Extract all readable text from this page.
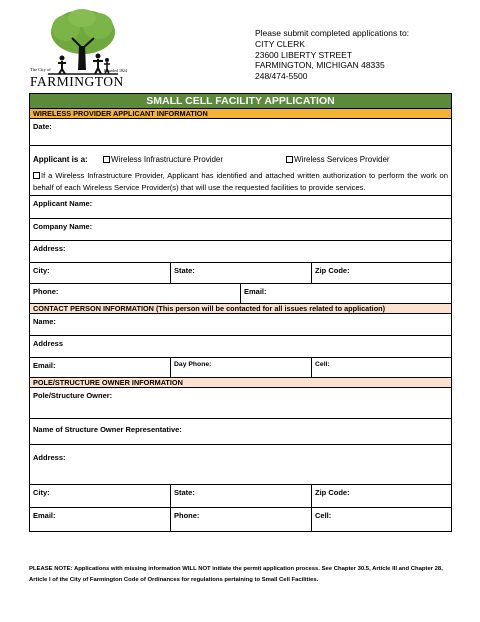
The City of	Founded 1824
FARMINGTON
Please submit completed applications to:
CITY CLERK
23600 LIBERTY STREET
FARMINGTON, MICHIGAN 48335
248/474-5500
SMALL CELL FACILITY APPLICATION
WIRELESS PROVIDER APPLICANT INFORMATION
Date:
Applicant is a:	Wireless Infrastructure Provider	Wireless Services Provider
If a Wireless Infrastructure Provider, Applicant has identified and attached written authorization to perform the work on behalf of each Wireless Service Provider(s) that will use the requested facilities to provide services.
Applicant Name:
Company Name:
Address:
City:	State:	Zip Code:
Phone:	Email:
CONTACT PERSON INFORMATION (This person will be contacted for all issues related to application)
Name:
Address
Email:	Day Phone:	Cell:
POLE/STRUCTURE OWNER INFORMATION
Pole/Structure Owner:
Name of Structure Owner Representative:
Address:
City:	State:	Zip Code:
Email:	Phone:	Cell:
PLEASE NOTE: Applications with missing information WILL NOT initiate the permit application process. See Chapter 30.5, Article III and Chapter 28, Article I of the City of Farmington Code of Ordinances for regulations pertaining to Small Cell Facilities.
